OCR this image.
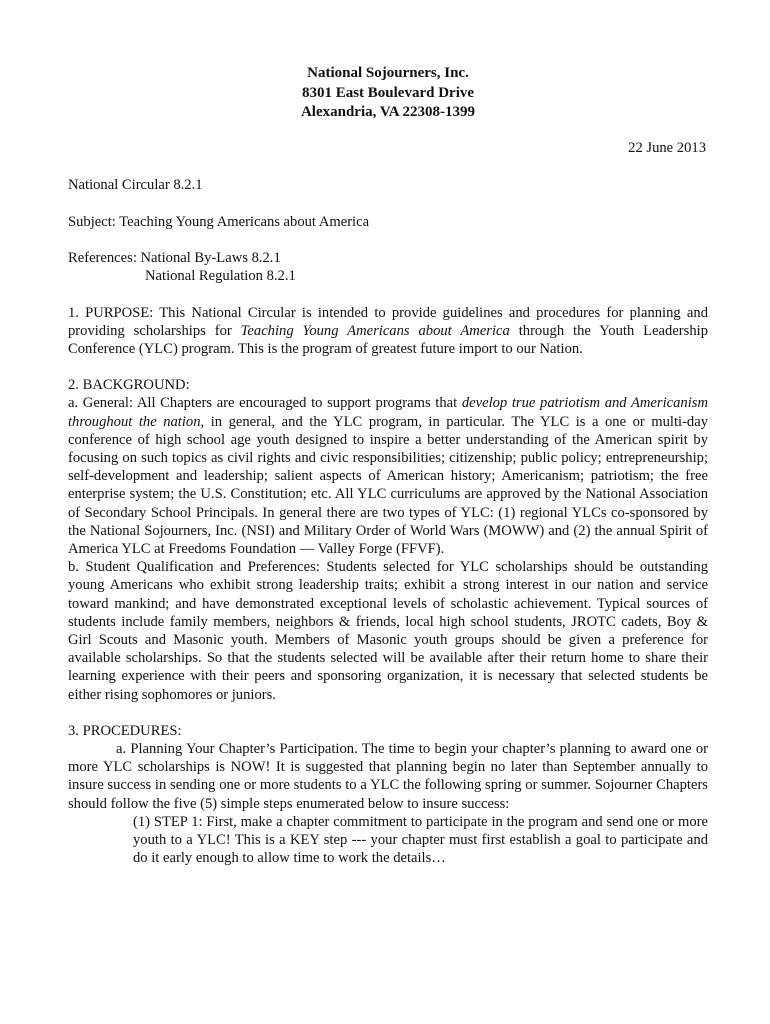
National Sojourners, Inc.
8301 East Boulevard Drive
Alexandria, VA 22308-1399
22 June 2013
National Circular 8.2.1
Subject: Teaching Young Americans about America
References: National By-Laws 8.2.1
National Regulation 8.2.1
1. PURPOSE: This National Circular is intended to provide guidelines and procedures for planning and providing scholarships for Teaching Young Americans about America through the Youth Leadership Conference (YLC) program. This is the program of greatest future import to our Nation.
2. BACKGROUND:
a. General: All Chapters are encouraged to support programs that develop true patriotism and Americanism throughout the nation, in general, and the YLC program, in particular. The YLC is a one or multi-day conference of high school age youth designed to inspire a better understanding of the American spirit by focusing on such topics as civil rights and civic responsibilities; citizenship; public policy; entrepreneurship; self-development and leadership; salient aspects of American history; Americanism; patriotism; the free enterprise system; the U.S. Constitution; etc. All YLC curriculums are approved by the National Association of Secondary School Principals. In general there are two types of YLC: (1) regional YLCs co-sponsored by the National Sojourners, Inc. (NSI) and Military Order of World Wars (MOWW) and (2) the annual Spirit of America YLC at Freedoms Foundation — Valley Forge (FFVF).
b. Student Qualification and Preferences: Students selected for YLC scholarships should be outstanding young Americans who exhibit strong leadership traits; exhibit a strong interest in our nation and service toward mankind; and have demonstrated exceptional levels of scholastic achievement. Typical sources of students include family members, neighbors & friends, local high school students, JROTC cadets, Boy & Girl Scouts and Masonic youth. Members of Masonic youth groups should be given a preference for available scholarships. So that the students selected will be available after their return home to share their learning experience with their peers and sponsoring organization, it is necessary that selected students be either rising sophomores or juniors.
3. PROCEDURES:
a. Planning Your Chapter’s Participation. The time to begin your chapter’s planning to award one or more YLC scholarships is NOW! It is suggested that planning begin no later than September annually to insure success in sending one or more students to a YLC the following spring or summer. Sojourner Chapters should follow the five (5) simple steps enumerated below to insure success:
(1) STEP 1: First, make a chapter commitment to participate in the program and send one or more youth to a YLC! This is a KEY step --- your chapter must first establish a goal to participate and do it early enough to allow time to work the details…
